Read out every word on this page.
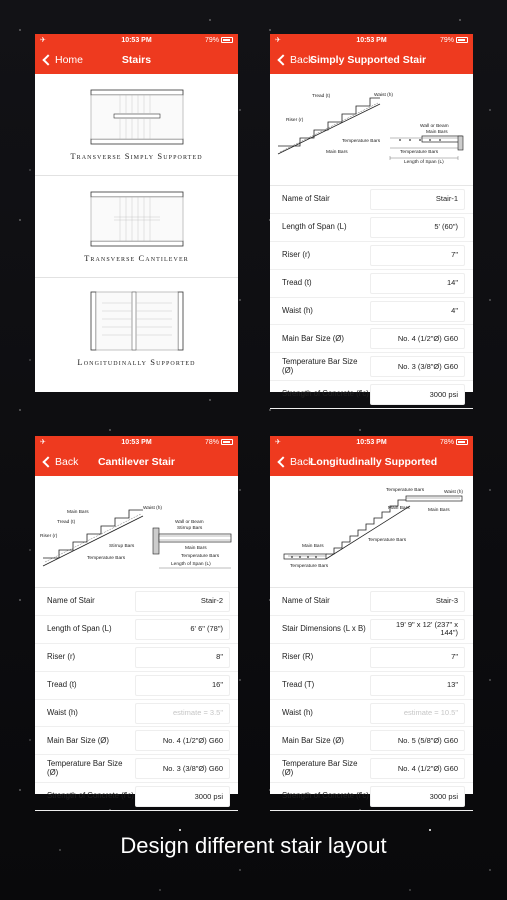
✈	10:53 PM	79%
Home	Stairs
Transverse Simply Supported
Transverse Cantilever
Longitudinally Supported
✈	10:53 PM	79%
Back
Simply Supported Stair
Tread (t)	Waist (h)
Riser (r)
Wall or Beam
Main Bars
Temperature Bars
Main Bars	Temperature Bars
Length of Span (L)
Name of Stair	Stair-1
Length of Span (L)	5' (60")
Riser (r)	7"
Tread (t)	14"
Waist (h)	4"
Main Bar Size (Ø)	No. 4 (1/2"Ø) G60
Temperature Bar Size (Ø)	No. 3 (3/8"Ø) G60
Strength of Concrete (f'c)	3000 psi
✈	10:53 PM	78%
Back	Cantilever Stair
Main Bars
Tread (t)
Waist (h)
Riser (r)
Stirrup Bars
Temperature Bars
Wall or Beam
Stirrup Bars
Main Bars
Temperature Bars
Length of Span (L)
Name of Stair	Stair-2
Length of Span (L)	6' 6" (78")
Riser (r)	8"
Tread (t)	16"
Waist (h)	estimate = 3.5"
Main Bar Size (Ø)	No. 4 (1/2"Ø) G60
Temperature Bar Size (Ø)	No. 3 (3/8"Ø) G60
Strength of Concrete (f'c)	3000 psi
✈	10:53 PM	78%
Back
Longitudinally Supported
Temperature Bars	Waist (h)
Main Bars	Main Bars
Temperature Bars
Main Bars
Temperature Bars
Name of Stair	Stair-3
Stair Dimensions (L x B)	19' 9" x 12' (237" x 144")
Riser (R)	7"
Tread (T)	13"
Waist (h)	estimate = 10.5"
Main Bar Size (Ø)	No. 5 (5/8"Ø) G60
Temperature Bar Size (Ø)	No. 4 (1/2"Ø) G60
Strength of Concrete (f'c)	3000 psi
Design different stair layout
